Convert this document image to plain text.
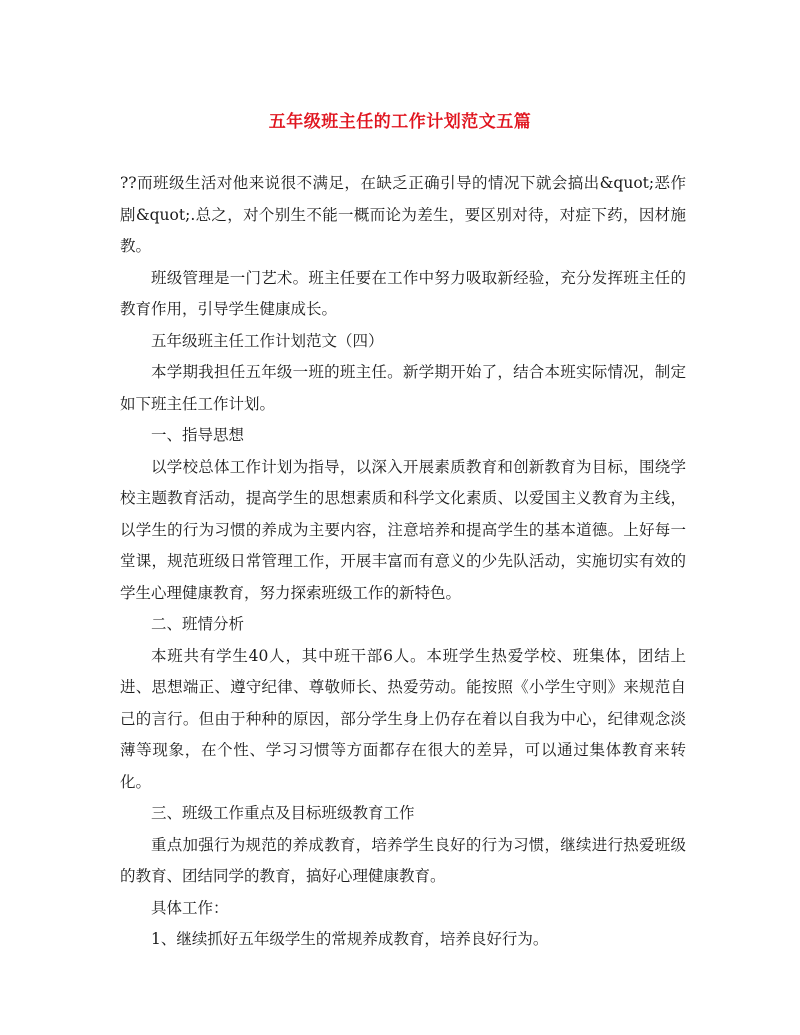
五年级班主任的工作计划范文五篇

??而班级生活对他来说很不满足，在缺乏正确引导的情况下就会搞出&quot;恶作剧&quot;.总之，对个别生不能一概而论为差生，要区别对待，对症下药，因材施教。

班级管理是一门艺术。班主任要在工作中努力吸取新经验，充分发挥班主任的教育作用，引导学生健康成长。

五年级班主任工作计划范文（四）

本学期我担任五年级一班的班主任。新学期开始了，结合本班实际情况，制定如下班主任工作计划。

一、指导思想

以学校总体工作计划为指导，以深入开展素质教育和创新教育为目标，围绕学校主题教育活动，提高学生的思想素质和科学文化素质、以爱国主义教育为主线，以学生的行为习惯的养成为主要内容，注意培养和提高学生的基本道德。上好每一堂课，规范班级日常管理工作，开展丰富而有意义的少先队活动，实施切实有效的学生心理健康教育，努力探索班级工作的新特色。

二、班情分析

本班共有学生40人，其中班干部6人。本班学生热爱学校、班集体，团结上进、思想端正、遵守纪律、尊敬师长、热爱劳动。能按照《小学生守则》来规范自己的言行。但由于种种的原因，部分学生身上仍存在着以自我为中心，纪律观念淡薄等现象，在个性、学习习惯等方面都存在很大的差异，可以通过集体教育来转化。

三、班级工作重点及目标班级教育工作

重点加强行为规范的养成教育，培养学生良好的行为习惯，继续进行热爱班级的教育、团结同学的教育，搞好心理健康教育。

具体工作：

1、继续抓好五年级学生的常规养成教育，培养良好行为。
